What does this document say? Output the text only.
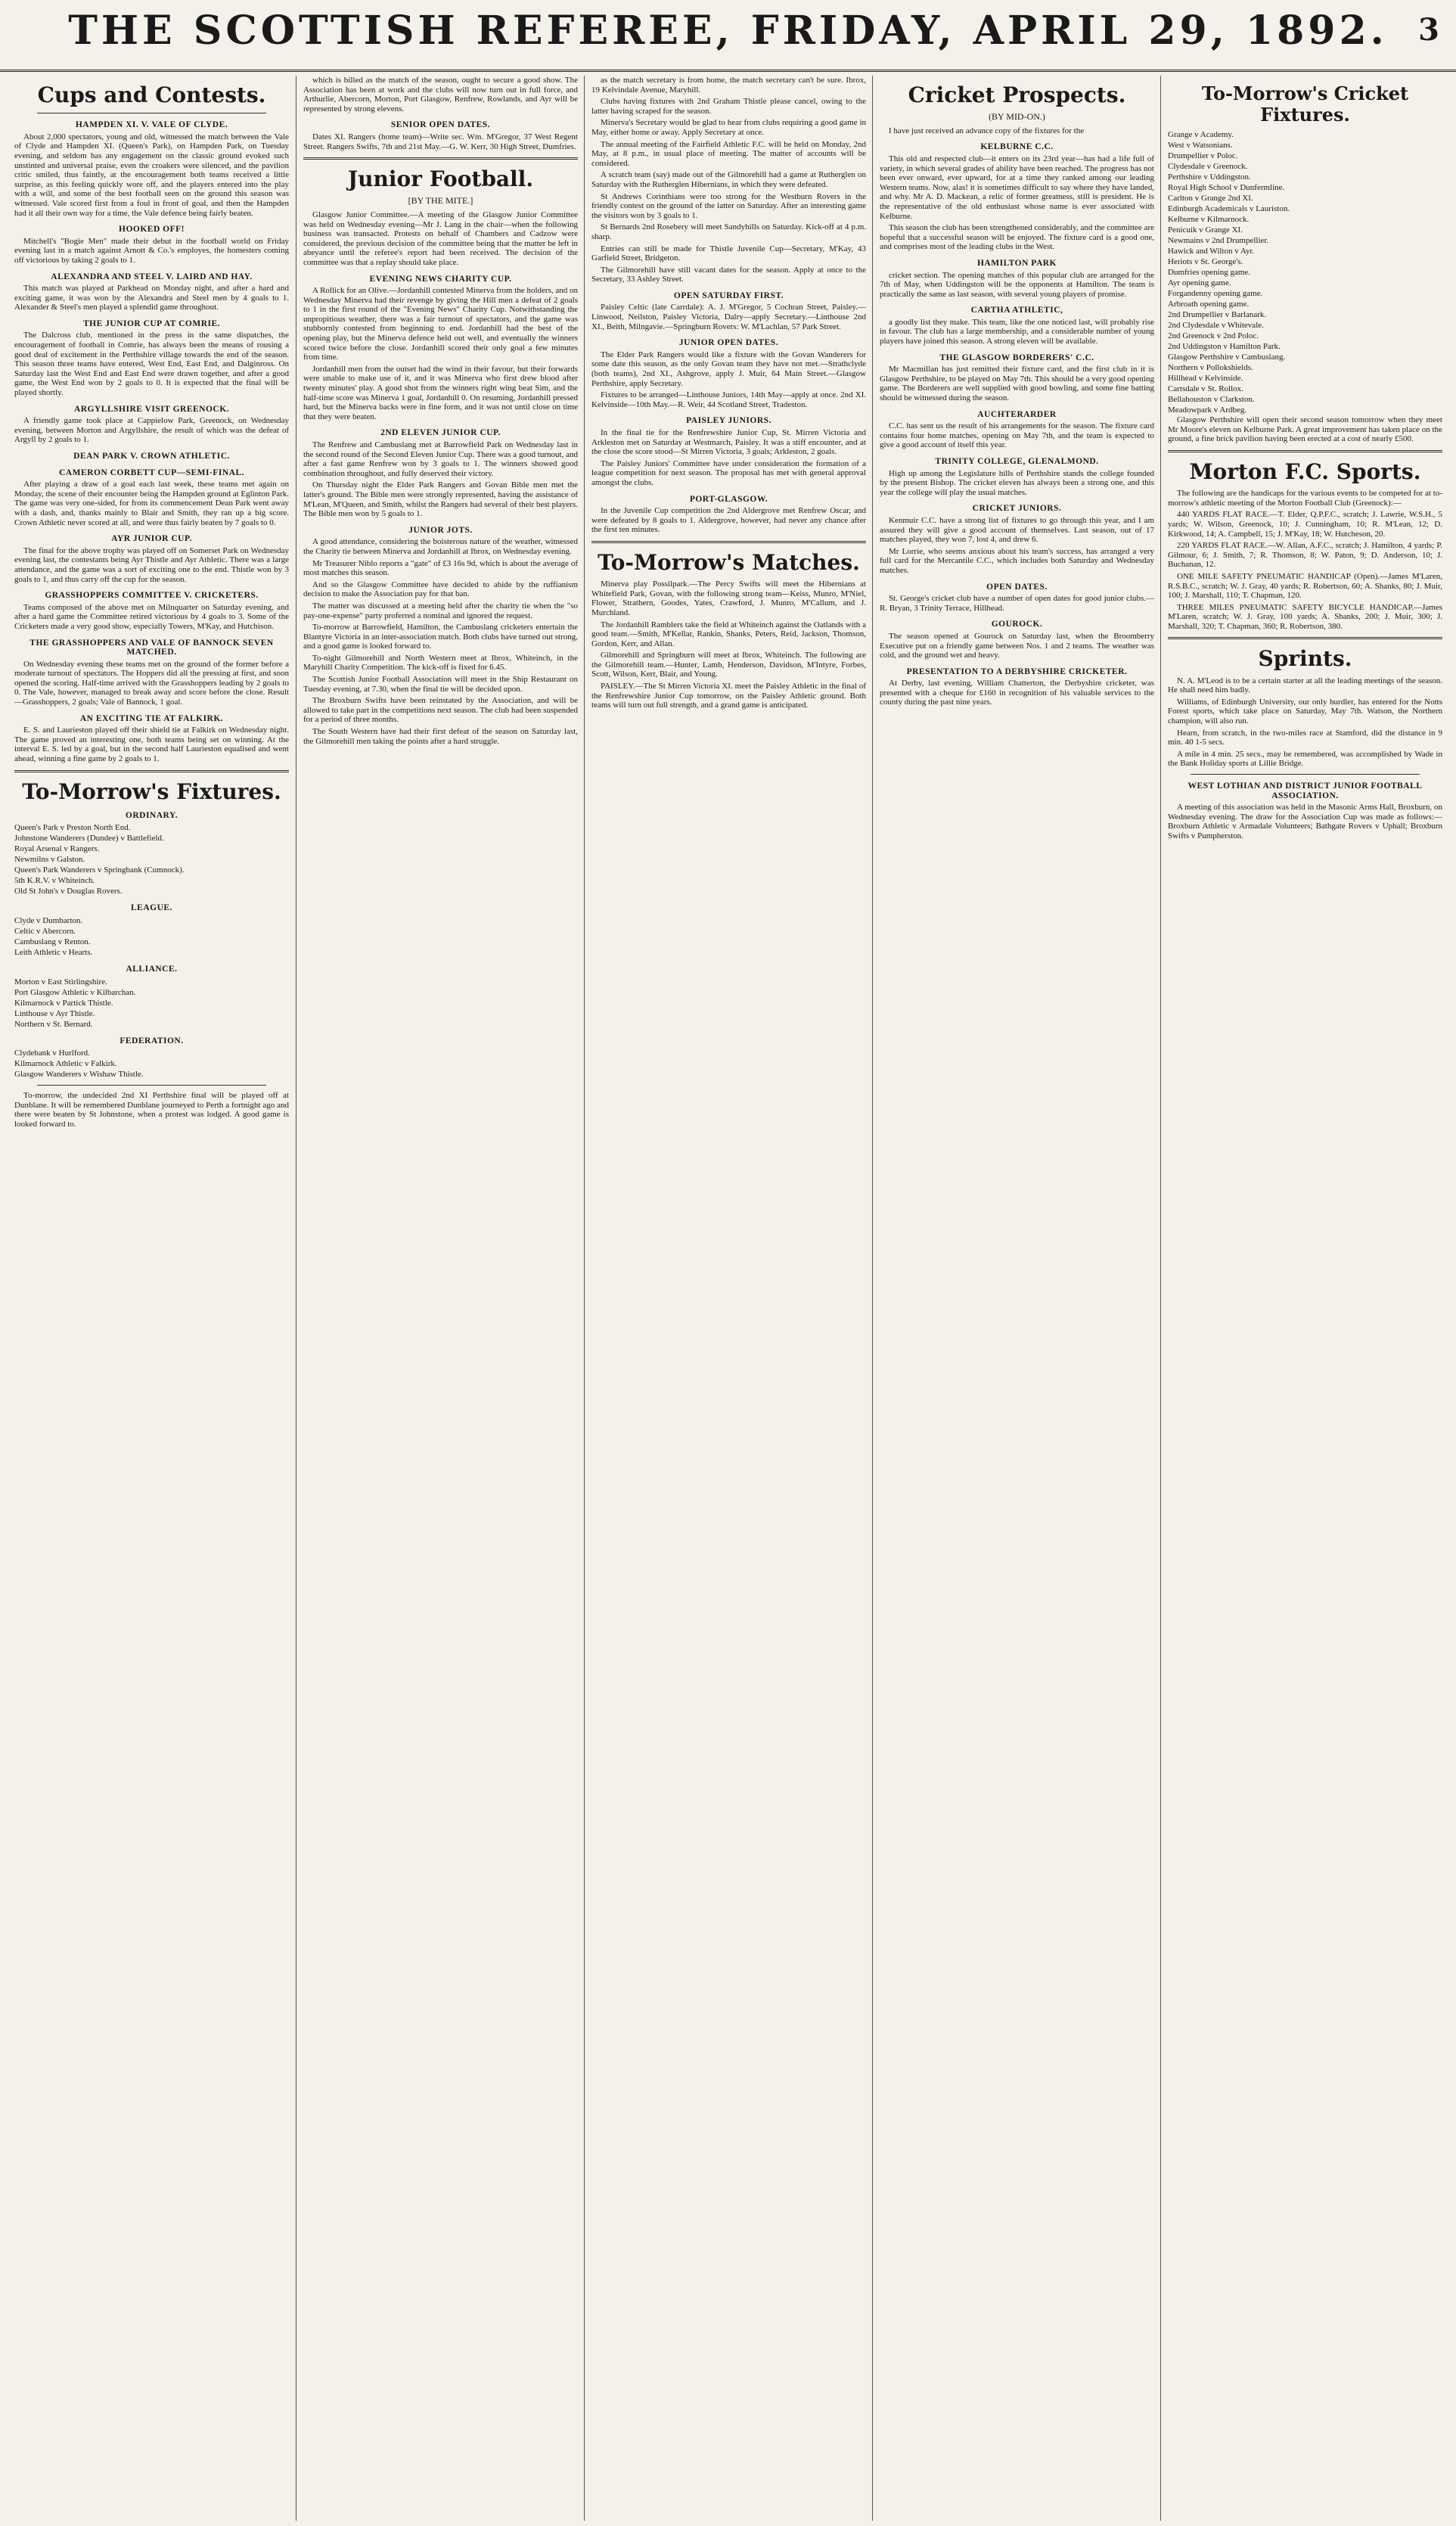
THE SCOTTISH REFEREE, FRIDAY, APRIL 29, 1892.	3
Cups and Contests.
HAMPDEN XI. V. VALE OF CLYDE.

About 2,000 spectators, young and old, witnessed the match between the Vale of Clyde and Hampden XI. (Queen's Park), on Hampden Park, on Tuesday evening, and seldom has any engagement on the classic ground evoked such unstinted and universal praise, even the croakers were silenced, and the pavilion critic smiled, thus faintly, at the encouragement both teams received a little surprise, as this feeling quickly wore off, and the players entered into the play with a will, and some of the best football seen on the ground this season was witnessed. Vale scored first from a foul in front of goal, and then the Hampden had it all their own way for a time, the Vale defence being fairly beaten.

HOOKED OFF!

Mitchell's "Bogie Men" made their debut in the football world on Friday evening last in a match against Arnott & Co.'s employes, the homesters coming off victorious by taking 2 goals to 1.

ALEXANDRA AND STEEL V. LAIRD AND HAY.

This match was played at Parkhead on Monday night, and after a hard and exciting game, it was won by the Alexandra and Steel men by 4 goals to 1. Alexander & Steel's men played a splendid game throughout.

THE JUNIOR CUP AT COMRIE.

The Dalcross club, mentioned in the press in the same dispatches, the encouragement of football in Comrie, has always been the means of rousing a good deal of excitement in the Perthshire village towards the end of the season. This season three teams have entered, West End, East End, and Dalginross. On Saturday last the West End and East End were drawn together, and after a good game, the West End won by 2 goals to 0. It is expected that the final will be played shortly.

ARGYLLSHIRE VISIT GREENOCK.

A friendly game took place at Cappielow Park, Greenock, on Wednesday evening, between Morton and Argyllshire, the result of which was the defeat of Argyll by 2 goals to 1.

DEAN PARK V. CROWN ATHLETIC.
CAMERON CORBETT CUP—SEMI-FINAL.

After playing a draw of a goal each last week, these teams met again on Monday, the scene of their encounter being the Hampden ground at Eglinton Park. The game was very one-sided, for from its commencement Dean Park went away with a dash, and, thanks mainly to Blair and Smith, they ran up a big score. Crown Athletic never scored at all, and were thus fairly beaten by 7 goals to 0.

AYR JUNIOR CUP.

The final for the above trophy was played off on Somerset Park on Wednesday evening last, the contestants being Ayr Thistle and Ayr Athletic. There was a large attendance, and the game was a sort of exciting one to the end. Thistle won by 3 goals to 1, and thus carry off the cup for the season.

GRASSHOPPERS COMMITTEE V. CRICKETERS.

Teams composed of the above met on Milnquarter on Saturday evening, and after a hard game the Committee retired victorious by 4 goals to 3. Some of the Cricketers made a very good show, especially Towers, M'Kay, and Hutchison.

THE GRASSHOPPERS AND VALE OF BANNOCK SEVEN MATCHED.

On Wednesday evening these teams met on the ground of the former before a moderate turnout of spectators. The Hoppers did all the pressing at first, and soon opened the scoring. Half-time arrived with the Grasshoppers leading by 2 goals to 0. The Vale, however, managed to break away and score before the close. Result—Grasshoppers, 2 goals; Vale of Bannock, 1 goal.

AN EXCITING TIE AT FALKIRK.

E. S. and Laurieston played off their shield tie at Falkirk on Wednesday night. The game proved an interesting one, both teams being set on winning. At the interval E. S. led by a goal, but in the second half Laurieston equalised and went ahead, winning a fine game by 2 goals to 1.

To-Morrow's Fixtures.
ORDINARY.
Queen's Park v Preston North End.
Johnstone Wanderers (Dundee) v Battlefield.
Royal Arsenal v Rangers.
Newmilns v Galston.
Queen's Park Wanderers v Springbank (Cumnock).
5th K.R.V. v Whiteinch.
Old St John's v Douglas Rovers.
LEAGUE.
Clyde v Dumbarton.
Celtic v Abercorn.
Cambuslang v Renton.
Leith Athletic v Hearts.
ALLIANCE.
Morton v East Stirlingshire.
Port Glasgow Athletic v Kilbarchan.
Kilmarnock v Partick Thistle.
Linthouse v Ayr Thistle.
Northern v St. Bernard.
FEDERATION.
Clydebank v Hurlford.
Kilmarnock Athletic v Falkirk.
Glasgow Wanderers v Wishaw Thistle.

To-morrow, the undecided 2nd XI Perthshire final will be played off at Dunblane. It will be remembered Dunblane journeyed to Perth a fortnight ago and there were beaten by St Johnstone, when a protest was lodged. A good game is looked forward to.

which is billed as the match of the season, ought to secure a good show. The Association has been at work and the clubs will now turn out in full force, and Arthurlie, Abercorn, Morton, Port Glasgow, Renfrew, Rowlands, and Ayr will be represented by strong elevens.

SENIOR OPEN DATES.

Dates XI. Rangers (home team)—Write sec. Wm. M'Gregor, 37 West Regent Street. Rangers Swifts, 7th and 21st May.—G. W. Kerr, 30 High Street, Dumfries.

Junior Football.
[BY THE MITE.]

Glasgow Junior Committee.—A meeting of the Glasgow Junior Committee was held on Wednesday evening—Mr J. Lang in the chair—when the following business was transacted. Protests on behalf of Chambers and Cadzow were considered, the previous decision of the committee being that the matter be left in abeyance until the referee's report had been received. The decision of the committee was that a replay should take place.

EVENING NEWS CHARITY CUP.

A Rollick for an Olive.—Jordanhill contested Minerva from the holders, and on Wednesday Minerva had their revenge by giving the Hill men a defeat of 2 goals to 1 in the first round of the "Evening News" Charity Cup. Notwithstanding the unpropitious weather, there was a fair turnout of spectators, and the game was stubbornly contested from beginning to end. Jordanhill had the best of the opening play, but the Minerva defence held out well, and eventually the winners scored twice before the close. Jordanhill scored their only goal a few minutes from time.

Jordanhill men from the outset had the wind in their favour, but their forwards were unable to make use of it, and it was Minerva who first drew blood after twenty minutes' play. A good shot from the winners right wing beat Sim, and the half-time score was Minerva 1 goal, Jordanhill 0. On resuming, Jordanhill pressed hard, but the Minerva backs were in fine form, and it was not until close on time that they were beaten.

2ND ELEVEN JUNIOR CUP.

The Renfrew and Cambuslang met at Barrowfield Park on Wednesday last in the second round of the Second Eleven Junior Cup. There was a good turnout, and after a fast game Renfrew won by 3 goals to 1. The winners showed good combination throughout, and fully deserved their victory.

On Thursday night the Elder Park Rangers and Govan Bible men met the latter's ground. The Bible men were strongly represented, having the assistance of M'Lean, M'Queen, and Smith, whilst the Rangers had several of their best players. The Bible men won by 5 goals to 1.

JUNIOR JOTS.

A good attendance, considering the boisterous nature of the weather, witnessed the Charity tie between Minerva and Jordanhill at Ibrox, on Wednesday evening.

Mr Treasurer Niblo reports a "gate" of £3 16s 9d, which is about the average of most matches this season.

And so the Glasgow Committee have decided to abide by the ruffianism decision to make the Association pay for that ban.

The matter was discussed at a meeting held after the charity tie when the "so pay-one-expense" party proferred a nominal and ignored the request.

To-morrow at Barrowfield, Hamilton, the Cambuslang cricketers entertain the Blantyre Victoria in an inter-association match. Both clubs have turned out strong, and a good game is looked forward to.

To-night Gilmorehill and North Western meet at Ibrox, Whiteinch, in the Maryhill Charity Competition. The kick-off is fixed for 6.45.

The Scottish Junior Football Association will meet in the Ship Restaurant on Tuesday evening, at 7.30, when the final tie will be decided upon.

The Broxburn Swifts have been reinstated by the Association, and will be allowed to take part in the competitions next season. The club had been suspended for a period of three months.

The South Western have had their first defeat of the season on Saturday last, the Gilmorehill men taking the points after a hard struggle.

as the match secretary is from home, the match secretary can't be sure. Ibrox, 19 Kelvindale Avenue, Maryhill.

Clubs having fixtures with 2nd Graham Thistle please cancel, owing to the latter having scraped for the season.

Minerva's Secretary would be glad to hear from clubs requiring a good game in May, either home or away. Apply Secretary at once.

The annual meeting of the Fairfield Athletic F.C. will be held on Monday, 2nd May, at 8 p.m., in usual place of meeting. The matter of accounts will be considered.

A scratch team (say) made out of the Gilmorehill had a game at Rutherglen on Saturday with the Rutherglen Hibernians, in which they were defeated.

St Andrews Corinthians were too strong for the Westburn Rovers in the friendly contest on the ground of the latter on Saturday. After an interesting game the visitors won by 3 goals to 1.

St Bernards 2nd Rosebery will meet Sandyhills on Saturday. Kick-off at 4 p.m. sharp.

Entries can still be made for Thistle Juvenile Cup—Secretary, M'Kay, 43 Garfield Street, Bridgeton.

The Gilmorehill have still vacant dates for the season. Apply at once to the Secretary, 33 Ashley Street.

OPEN SATURDAY FIRST.

Paisley Celtic (late Carrdale): A. J. M'Gregor, 5 Cochran Street, Paisley.—Linwood, Neilston, Paisley Victoria, Dalry—apply Secretary.—Linthouse 2nd XI., Beith, Milngavie.—Springburn Rovers: W. M'Lachlan, 57 Park Street.

JUNIOR OPEN DATES.

The Elder Park Rangers would like a fixture with the Govan Wanderers for some date this season, as the only Govan team they have not met.—Strathclyde (both teams), 2nd XI., Ashgrove, apply J. Muir, 64 Main Street.—Glasgow Perthshire, apply Secretary.

Fixtures to be arranged—Linthouse Juniors, 14th May—apply at once. 2nd XI. Kelvinside—10th May.—R. Weir, 44 Scotland Street, Tradeston.

PAISLEY JUNIORS.

In the final tie for the Renfrewshire Junior Cup, St. Mirren Victoria and Arkleston met on Saturday at Westmarch, Paisley. It was a stiff encounter, and at the close the score stood—St Mirren Victoria, 3 goals; Arkleston, 2 goals.

The Paisley Juniors' Committee have under consideration the formation of a league competition for next season. The proposal has met with general approval amongst the clubs.

PORT-GLASGOW.

In the Juvenile Cup competition the 2nd Aldergrove met Renfrew Oscar, and were defeated by 8 goals to 1. Aldergrove, however, had never any chance after the first ten minutes.

To-Morrow's Matches.

Minerva play Possilpark.—The Percy Swifts will meet the Hibernians at Whitefield Park, Govan, with the following strong team—Keiss, Munro, M'Niel, Flower, Strathern, Goodes, Yates, Crawford, J. Munro, M'Callum, and J. Murchland.

The Jordanhill Ramblers take the field at Whiteinch against the Oatlands with a good team.—Smith, M'Kellar, Rankin, Shanks, Peters, Reid, Jackson, Thomson, Gordon, Kerr, and Allan.

Gilmorehill and Springburn will meet at Ibrox, Whiteinch. The following are the Gilmorehill team.—Hunter, Lamb, Henderson, Davidson, M'Intyre, Forbes, Scott, Wilson, Kerr, Blair, and Young.

PAISLEY.—The St Mirren Victoria XI. meet the Paisley Athletic in the final of the Renfrewshire Junior Cup tomorrow, on the Paisley Athletic ground. Both teams will turn out full strength, and a grand game is anticipated.

Cricket Prospects.
(BY MID-ON.)

I have just received an advance copy of the fixtures for the

KELBURNE C.C.

This old and respected club—it enters on its 23rd year—has had a life full of variety, in which several grades of ability have been reached. The progress has not been ever onward, ever upward, for at a time they ranked among our leading Western teams. Now, alas! it is sometimes difficult to say where they have landed, and why. Mr A. D. Mackean, a relic of former greatness, still is president. He is the representative of the old enthusiast whose name is ever associated with Kelburne.

This season the club has been strengthened considerably, and the committee are hopeful that a successful season will be enjoyed. The fixture card is a good one, and comprises most of the leading clubs in the West.

HAMILTON PARK

cricket section. The opening matches of this popular club are arranged for the 7th of May, when Uddingston will be the opponents at Hamilton. The team is practically the same as last season, with several young players of promise.

CARTHA ATHLETIC,

a goodly list they make. This team, like the one noticed last, will probably rise in favour. The club has a large membership, and a considerable number of young players have joined this season. A strong eleven will be available.

THE GLASGOW BORDERERS' C.C.

Mr Macmillan has just remitted their fixture card, and the first club in it is Glasgow Perthshire, to be played on May 7th. This should be a very good opening game. The Borderers are well supplied with good bowling, and some fine batting should be witnessed during the season.

AUCHTERARDER

C.C. has sent us the result of his arrangements for the season. The fixture card contains four home matches, opening on May 7th, and the team is expected to give a good account of itself this year.

TRINITY COLLEGE, GLENALMOND.

High up among the Legislature hills of Perthshire stands the college founded by the present Bishop. The cricket eleven has always been a strong one, and this year the college will play the usual matches.

CRICKET JUNIORS.

Kenmuir C.C. have a strong list of fixtures to go through this year, and I am assured they will give a good account of themselves. Last season, out of 17 matches played, they won 7, lost 4, and drew 6.

Mr Lorrie, who seems anxious about his team's success, has arranged a very full card for the Mercantile C.C., which includes both Saturday and Wednesday matches.

OPEN DATES.

St. George's cricket club have a number of open dates for good junior clubs.—R. Bryan, 3 Trinity Terrace, Hillhead.

GOUROCK.

The season opened at Gourock on Saturday last, when the Broomberry Executive put on a friendly game between Nos. 1 and 2 teams. The weather was cold, and the ground wet and heavy.

PRESENTATION TO A DERBYSHIRE CRICKETER.

At Derby, last evening, William Chatterton, the Derbyshire cricketer, was presented with a cheque for £160 in recognition of his valuable services to the county during the past nine years.

To-Morrow's Cricket Fixtures.
Grange v Academy.
West v Watsonians.
Drumpellier v Poloc.
Clydesdale v Greenock.
Perthshire v Uddingston.
Royal High School v Dunfermline.
Carlton v Grange 2nd XI.
Edinburgh Academicals v Lauriston.
Kelburne v Kilmarnock.
Penicuik v Grange XI.
Newmains v 2nd Drumpellier.
Hawick and Wilton v Ayr.
Heriots v St. George's.
Dumfries opening game.
Ayr opening game.
Forgandenny opening game.
Arbroath opening game.
2nd Drumpellier v Barlanark.
2nd Clydesdale v Whitevale.
2nd Greenock v 2nd Poloc.
2nd Uddingston v Hamilton Park.
Glasgow Perthshire v Cambuslang.
Northern v Pollokshields.
Hillhead v Kelvinside.
Cartsdale v St. Rollox.
Bellahouston v Clarkston.
Meadowpark v Ardbeg.

Glasgow Perthshire will open their second season tomorrow when they meet Mr Moore's eleven on Kelburne Park. A great improvement has taken place on the ground, a fine brick pavilion having been erected at a cost of nearly £500.

Morton F.C. Sports.

The following are the handicaps for the various events to be competed for at to-morrow's athletic meeting of the Morton Football Club (Greenock):—

440 YARDS FLAT RACE.—T. Elder, Q.P.F.C., scratch; J. Lawrie, W.S.H., 5 yards; W. Wilson, Greenock, 10; J. Cunningham, 10; R. M'Lean, 12; D. Kirkwood, 14; A. Campbell, 15; J. M'Kay, 18; W. Hutcheson, 20.

220 YARDS FLAT RACE.—W. Allan, A.F.C., scratch; J. Hamilton, 4 yards; P. Gilmour, 6; J. Smith, 7; R. Thomson, 8; W. Paton, 9; D. Anderson, 10; J. Buchanan, 12.

ONE MILE SAFETY PNEUMATIC HANDICAP (Open).—James M'Laren, R.S.B.C., scratch; W. J. Gray, 40 yards; R. Robertson, 60; A. Shanks, 80; J. Muir, 100; J. Marshall, 110; T. Chapman, 120.

THREE MILES PNEUMATIC SAFETY BICYCLE HANDICAP.—James M'Laren, scratch; W. J. Gray, 100 yards; A. Shanks, 200; J. Muir, 300; J. Marshall, 320; T. Chapman, 360; R. Robertson, 380.

Sprints.

N. A. M'Leod is to be a certain starter at all the leading meetings of the season. He shall need him badly.

Williams, of Edinburgh University, our only hurdler, has entered for the Notts Forest sports, which take place on Saturday, May 7th. Watson, the Northern champion, will also run.

Hearn, from scratch, in the two-miles race at Stamford, did the distance in 9 min. 40 1-5 secs.

A mile in 4 min. 25 secs., may be remembered, was accomplished by Wade in the Bank Holiday sports at Lillie Bridge.

WEST LOTHIAN AND DISTRICT JUNIOR FOOTBALL ASSOCIATION.

A meeting of this association was held in the Masonic Arms Hall, Broxburn, on Wednesday evening. The draw for the Association Cup was made as follows:—Broxburn Athletic v Armadale Volunteers; Bathgate Rovers v Uphall; Broxburn Swifts v Pumpherston.
